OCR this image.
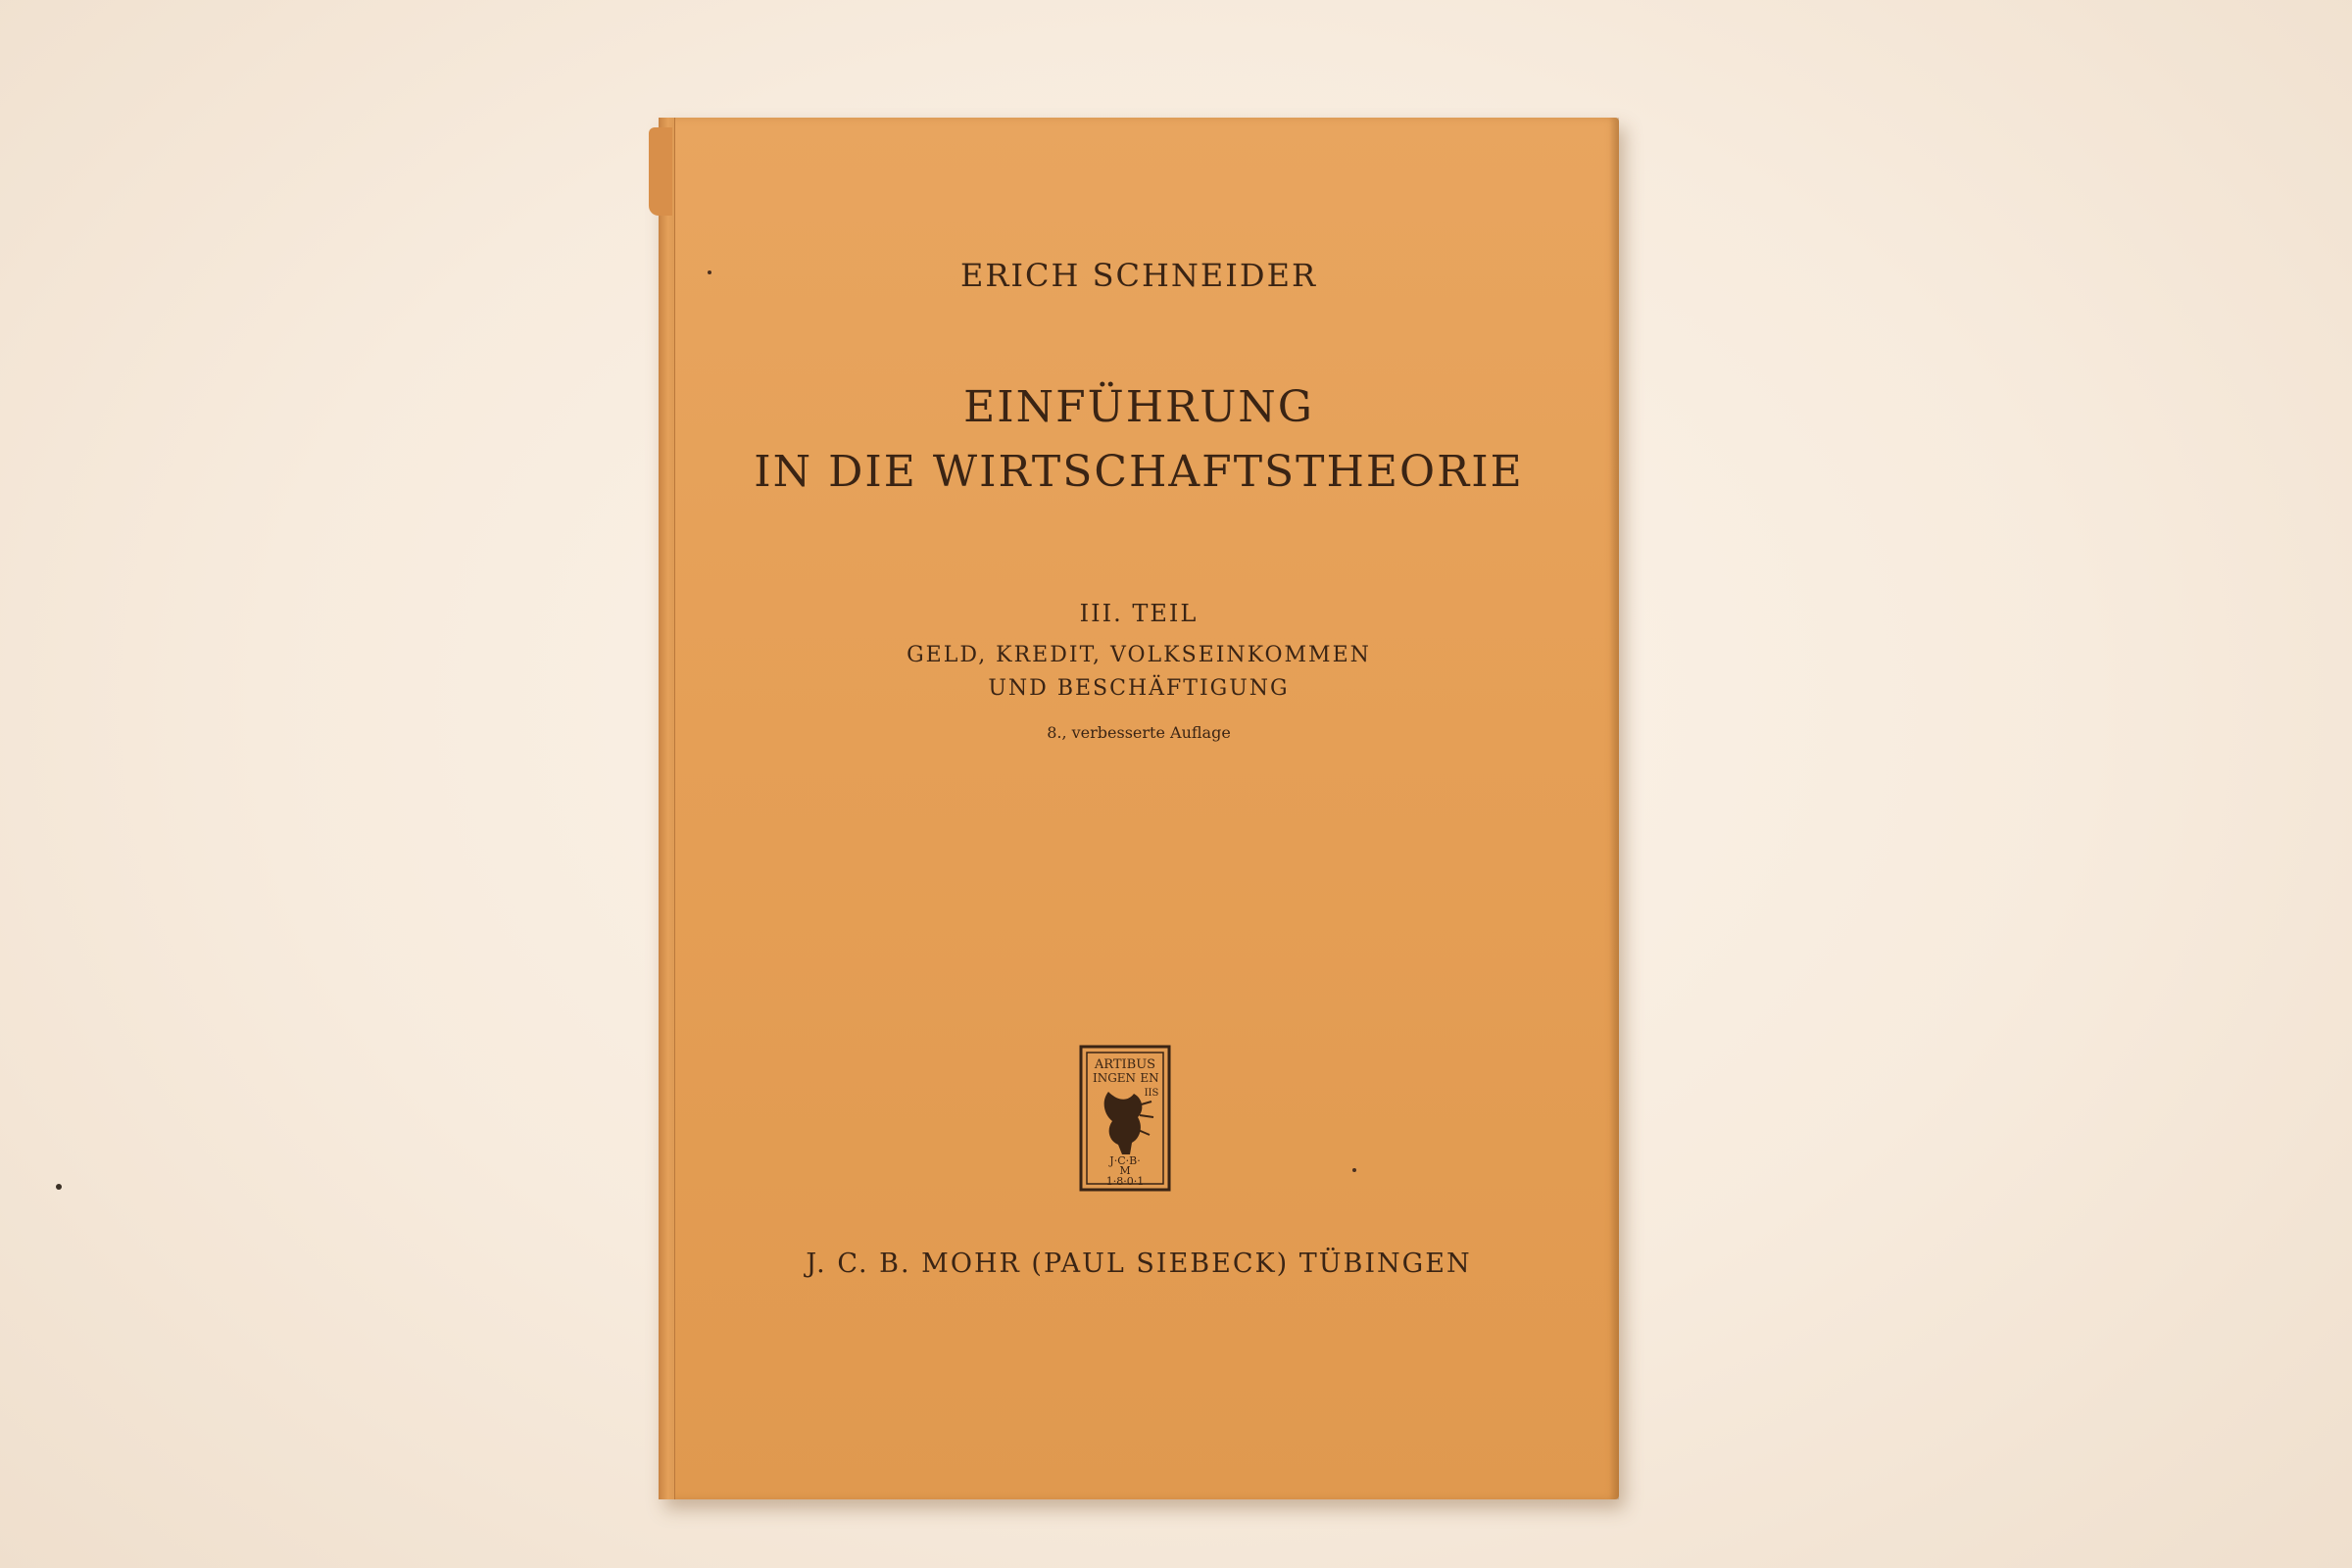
ERICH SCHNEIDER
EINFÜHRUNG
IN DIE WIRTSCHAFTSTHEORIE
III. TEIL
GELD, KREDIT, VOLKSEINKOMMEN
UND BESCHÄFTIGUNG
8., verbesserte Auflage
ARTIBUS
INGEN EN
IIS
J·C·B·
M
1·8·0·1
J. C. B. MOHR (PAUL SIEBECK) TÜBINGEN
